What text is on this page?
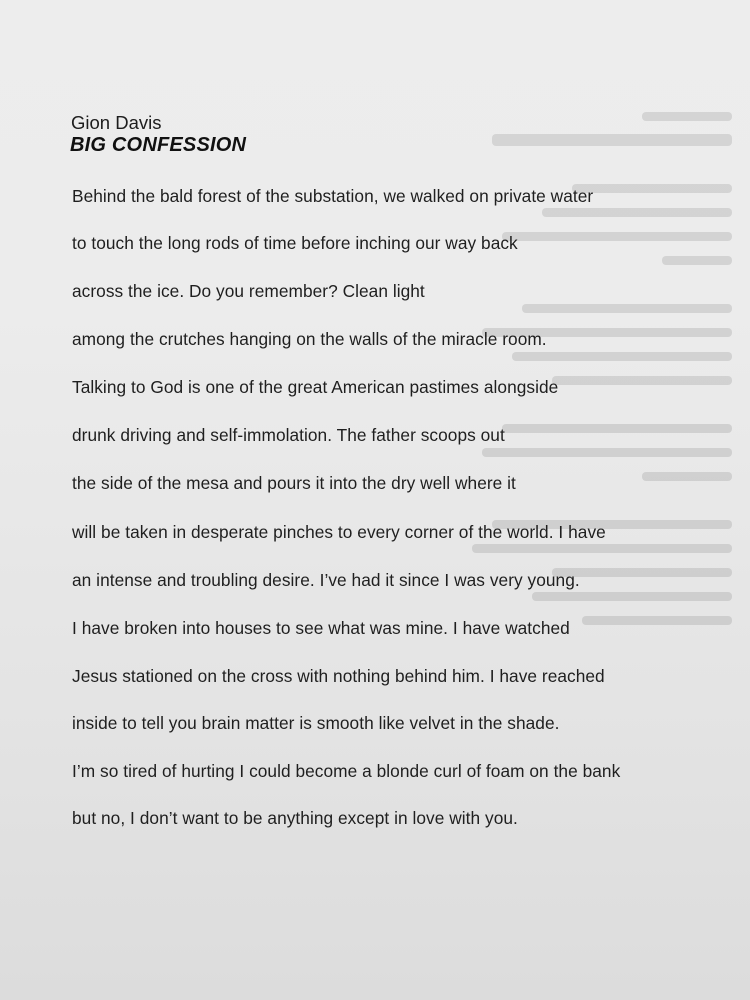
Gion Davis
BIG CONFESSION
Behind the bald forest of the substation, we walked on private water
to touch the long rods of time before inching our way back
across the ice. Do you remember? Clean light
among the crutches hanging on the walls of the miracle room.
Talking to God is one of the great American pastimes alongside
drunk driving and self-immolation. The father scoops out
the side of the mesa and pours it into the dry well where it
will be taken in desperate pinches to every corner of the world. I have
an intense and troubling desire. I’ve had it since I was very young.
I have broken into houses to see what was mine. I have watched
Jesus stationed on the cross with nothing behind him. I have reached
inside to tell you brain matter is smooth like velvet in the shade.
I’m so tired of hurting I could become a blonde curl of foam on the bank
but no, I don’t want to be anything except in love with you.
